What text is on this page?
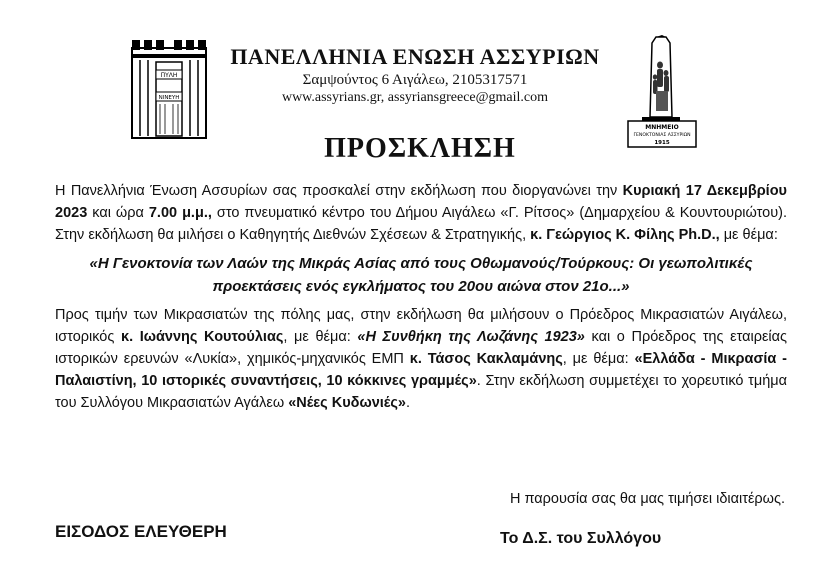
ΠΥΛΗ
ΝΙΝΕΥΗ
ΠΑΝΕΛΛΗΝΙΑ ΕΝΩΣΗ ΑΣΣΥΡΙΩΝ
Σαμψούντος 6 Αιγάλεω, 2105317571
www.assyrians.gr, assyriansgreece@gmail.com
ΜΝΗΜΕΙΟ
ΓΕΝΟΚΤΟΝΙΑΣ ΑΣΣΥΡΙΩΝ
1915
ΠΡΟΣΚΛΗΣΗ

Η Πανελλήνια Ένωση Ασσυρίων σας προσκαλεί στην εκδήλωση που διοργανώνει την Κυριακή 17 Δεκεμβρίου 2023 και ώρα 7.00 μ.μ., στο πνευματικό κέντρο του Δήμου Αιγάλεω «Γ. Ρίτσος» (Δημαρχείου & Κουντουριώτου). Στην εκδήλωση θα μιλήσει ο Καθηγητής Διεθνών Σχέσεων & Στρατηγικής, κ. Γεώργιος Κ. Φίλης Ph.D., με θέμα:

«Η Γενοκτονία των Λαών της Μικράς Ασίας από τους Οθωμανούς/Τούρκους: Οι γεωπολιτικές προεκτάσεις ενός εγκλήματος του 20ου αιώνα στον 21ο...»

Προς τιμήν των Μικρασιατών της πόλης μας, στην εκδήλωση θα μιλήσουν ο Πρόεδρος Μικρασιατών Αιγάλεω, ιστορικός κ. Ιωάννης Κουτούλιας, με θέμα: «Η Συνθήκη της Λωζάνης 1923» και ο Πρόεδρος της εταιρείας ιστορικών ερευνών «Λυκία», χημικός-μηχανικός ΕΜΠ κ. Τάσος Κακλαμάνης, με θέμα: «Ελλάδα - Μικρασία - Παλαιστίνη, 10 ιστορικές συναντήσεις, 10 κόκκινες γραμμές». Στην εκδήλωση συμμετέχει το χορευτικό τμήμα του Συλλόγου Μικρασιατών Αγάλεω «Νέες Κυδωνιές».

Η παρουσία σας θα μας τιμήσει ιδιαιτέρως.
ΕΙΣΟΔΟΣ ΕΛΕΥΘΕΡΗ	Το Δ.Σ. του Συλλόγου
